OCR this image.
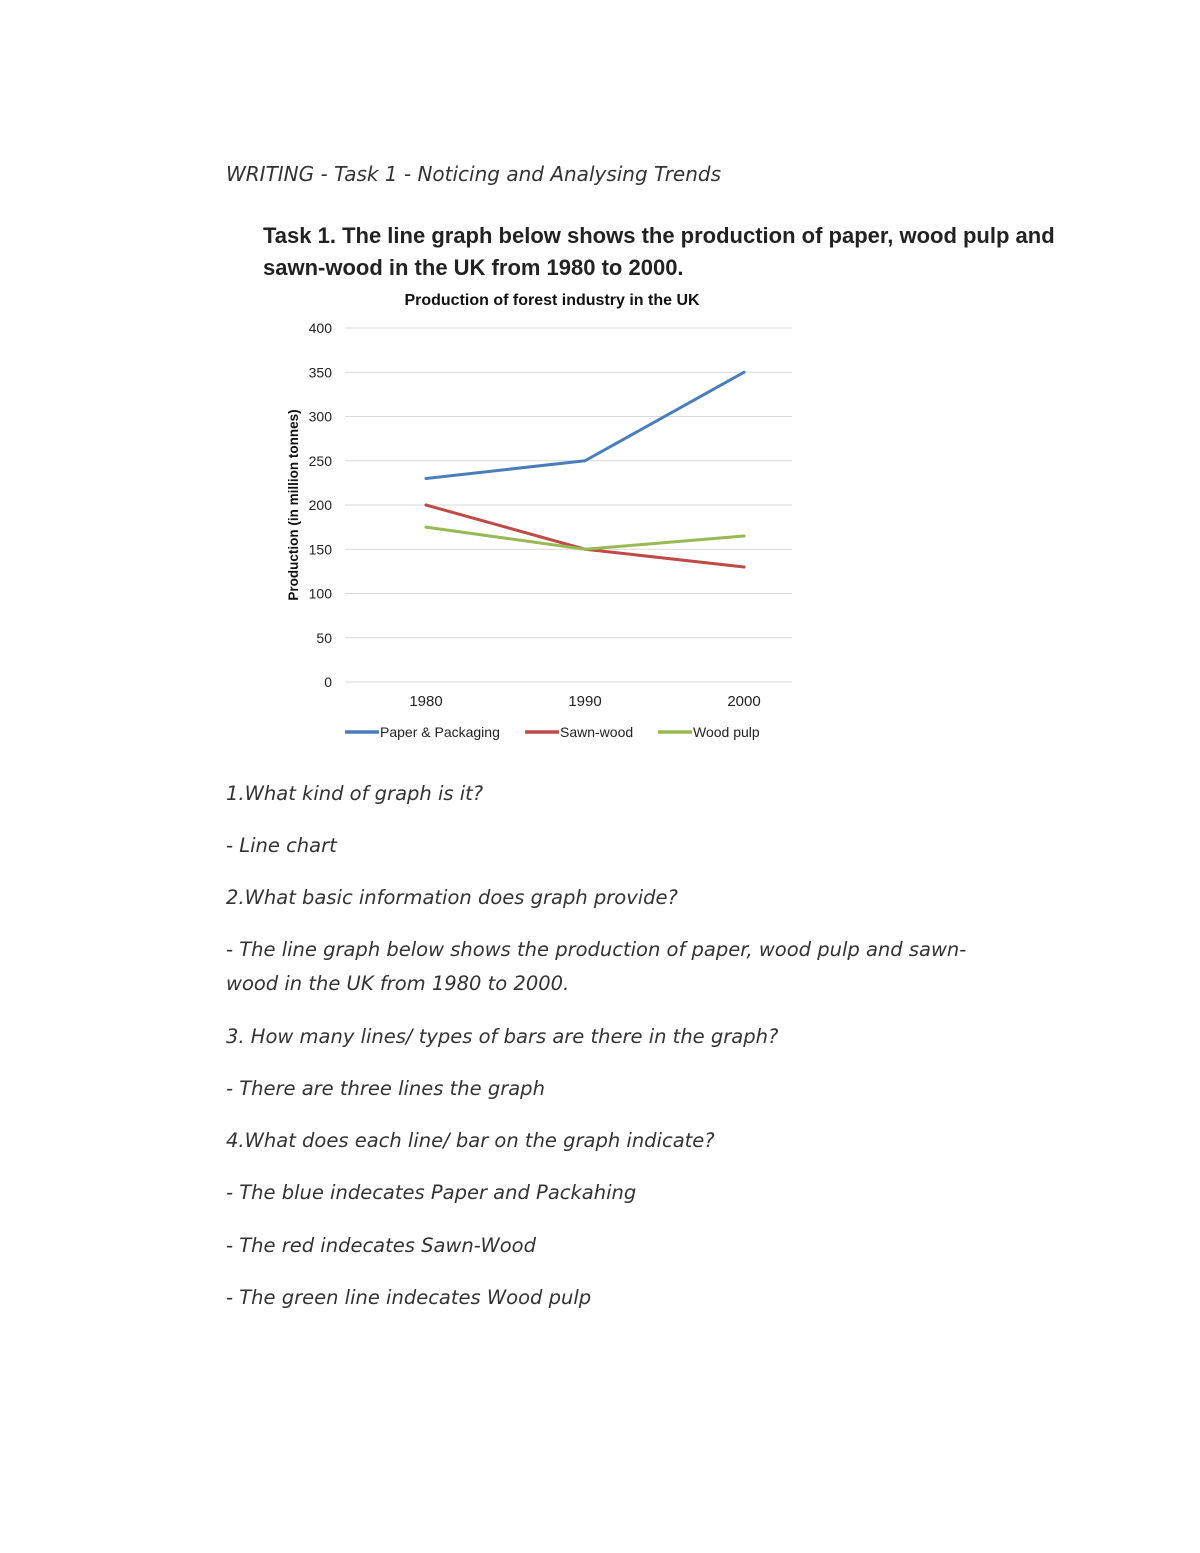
WRITING - Task 1 - Noticing and Analysing Trends

Task 1. The line graph below shows the production of paper, wood pulp and
sawn-wood in the UK from 1980 to 2000.
Production of forest industry in the UK
Production (in million tonnes)
0
50
100
150
200
250
300
350
400
1980	1990	2000
Paper & Packaging	Sawn-wood	Wood pulp

1.What kind of graph is it?

- Line chart

2.What basic information does graph provide?

- The line graph below shows the production of paper, wood pulp and sawn-

wood in the UK from 1980 to 2000.

3. How many lines/ types of bars are there in the graph?

- There are three lines the graph

4.What does each line/ bar on the graph indicate?

- The blue indecates Paper and Packahing

- The red indecates Sawn-Wood

- The green line indecates Wood pulp
